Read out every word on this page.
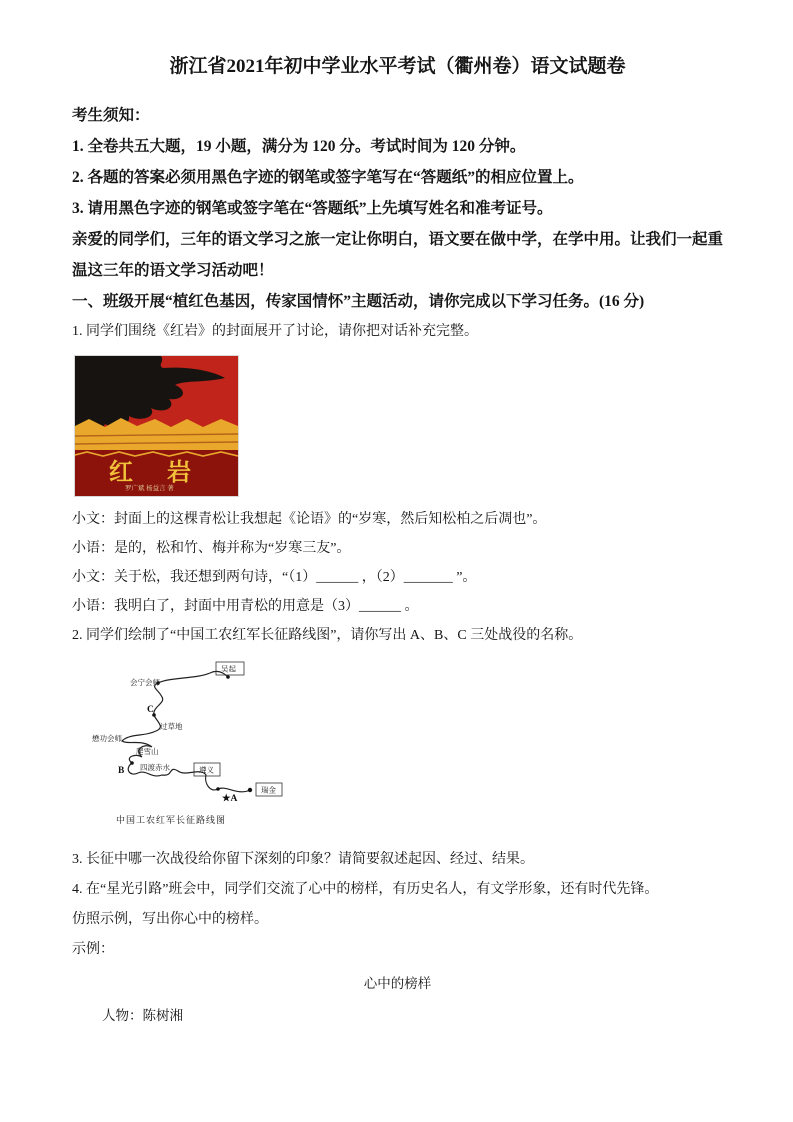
浙江省2021年初中学业水平考试（衢州卷）语文试题卷

考生须知：

1. 全卷共五大题，19 小题，满分为 120 分。考试时间为 120 分钟。

2. 各题的答案必须用黑色字迹的钢笔或签字笔写在“答题纸”的相应位置上。

3. 请用黑色字迹的钢笔或签字笔在“答题纸”上先填写姓名和准考证号。

亲爱的同学们，三年的语文学习之旅一定让你明白，语文要在做中学，在学中用。让我们一起重温这三年的语文学习活动吧！

一、班级开展“植红色基因，传家国情怀”主题活动，请你完成以下学习任务。(16 分)

1. 同学们围绕《红岩》的封面展开了讨论，请你把对话补充完整。

红 岩
罗广斌 杨益言 著

小文：封面上的这棵青松让我想起《论语》的“岁寒，然后知松柏之后凋也”。

小语：是的，松和竹、梅并称为“岁寒三友”。

小文：关于松，我还想到两句诗，“（1）______ ，（2）_______ ”。

小语：我明白了，封面中用青松的用意是（3）______ 。

2. 同学们绘制了“中国工农红军长征路线图”，请你写出 A、B、C 三处战役的名称。

吴起
遵义
瑞金
会宁会师
C
过草地
懋功会师
爬雪山
B 四渡赤水
★A
中国工农红军长征路线图

3. 长征中哪一次战役给你留下深刻的印象？请简要叙述起因、经过、结果。

4. 在“星光引路”班会中，同学们交流了心中的榜样，有历史名人，有文学形象，还有时代先锋。

仿照示例，写出你心中的榜样。

示例：

心中的榜样

人物：陈树湘
